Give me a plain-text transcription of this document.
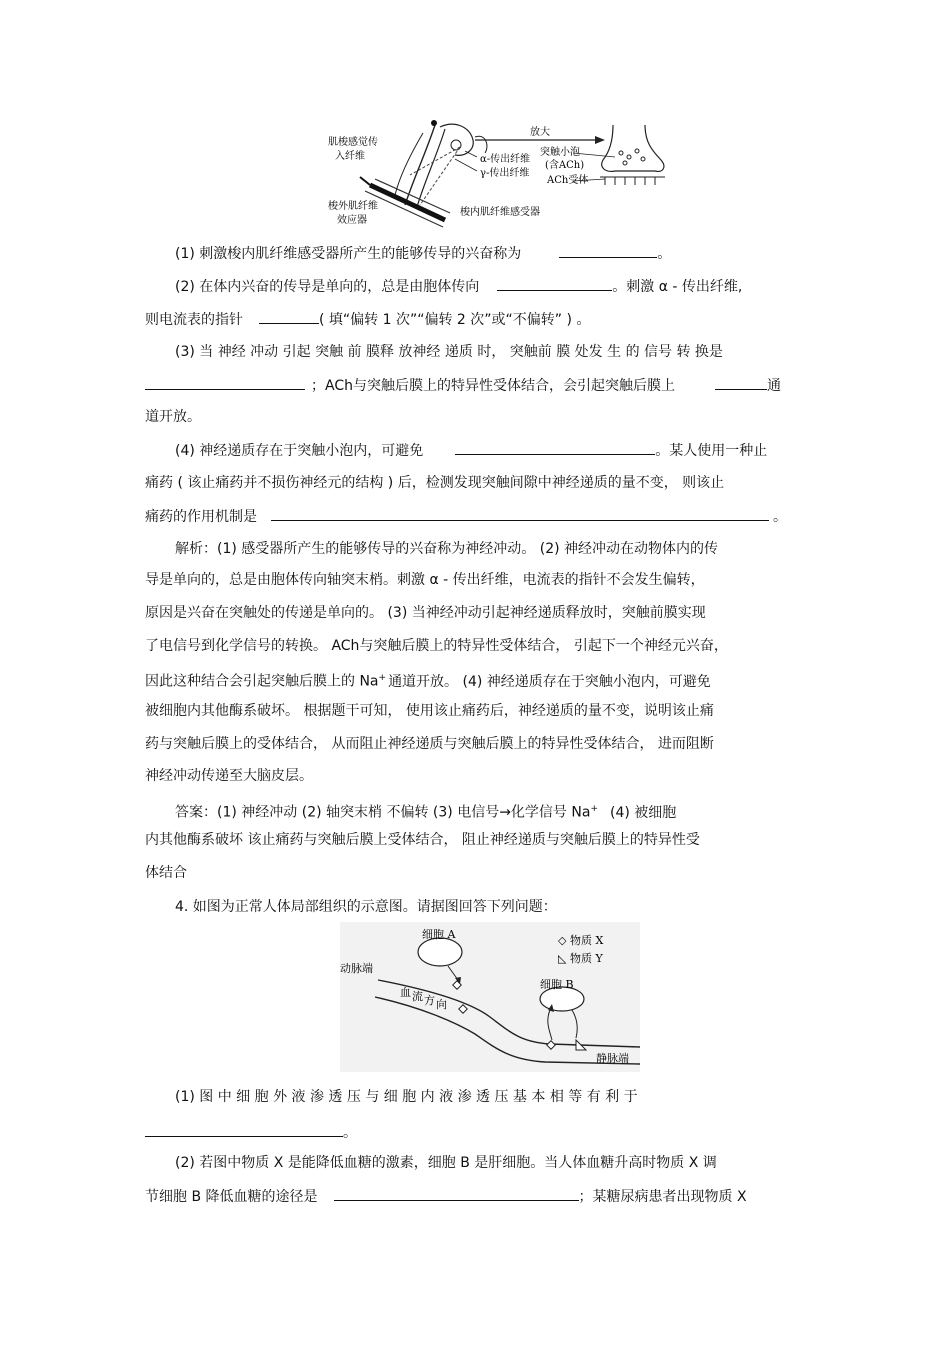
肌梭感觉传
入纤维
放大
α-传出纤维
γ-传出纤维
突触小泡
(含ACh)
ACh受体
梭外肌纤维
效应器
梭内肌纤维感受器
(1) 刺激梭内肌纤维感受器所产生的能够传导的兴奋称为	。
(2) 在体内兴奋的传导是单向的，总是由胞体传向	。刺激 α - 传出纤维,
则电流表的指针	( 填“偏转 1 次”“偏转 2 次”或“不偏转” ) 。
(3) 当 神经 冲动 引起 突触 前 膜释 放神经 递质 时， 突触前 膜 处发 生 的 信号 转 换是
；ACh与突触后膜上的特异性受体结合，会引起突触后膜上	通
道开放。
(4) 神经递质存在于突触小泡内，可避免	。某人使用一种止
痛药 ( 该止痛药并不损伤神经元的结构 ) 后，检测发现突触间隙中神经递质的量不变， 则该止
痛药的作用机制是	。
解析：(1) 感受器所产生的能够传导的兴奋称为神经冲动。 (2) 神经冲动在动物体内的传
导是单向的，总是由胞体传向轴突末梢。刺激 α - 传出纤维，电流表的指针不会发生偏转，
原因是兴奋在突触处的传递是单向的。 (3) 当神经冲动引起神经递质释放时，突触前膜实现
了电信号到化学信号的转换。 ACh与突触后膜上的特异性受体结合， 引起下一个神经元兴奋，
因此这种结合会引起突触后膜上的 Na+ 通道开放。 (4) 神经递质存在于突触小泡内，可避免
被细胞内其他酶系破坏。 根据题干可知， 使用该止痛药后，神经递质的量不变，说明该止痛
药与突触后膜上的受体结合， 从而阻止神经递质与突触后膜上的特异性受体结合， 进而阻断
神经冲动传递至大脑皮层。
答案：(1) 神经冲动 (2) 轴突末梢 不偏转 (3) 电信号→化学信号 Na+ (4) 被细胞
内其他酶系破坏 该止痛药与突触后膜上受体结合， 阻止神经递质与突触后膜上的特异性受
体结合
4. 如图为正常人体局部组织的示意图。请据图回答下列问题：
细胞 A
细胞 B
动脉端
静脉端
血 流 方 向
◇ 物质 X
◺ 物质 Y
(1) 图 中 细 胞 外 液 渗 透 压 与 细 胞 内 液 渗 透 压 基 本 相 等 有 利 于
。
(2) 若图中物质 X 是能降低血糖的激素，细胞 B 是肝细胞。当人体血糖升高时物质 X 调
节细胞 B 降低血糖的途径是	；某糖尿病患者出现物质 X
